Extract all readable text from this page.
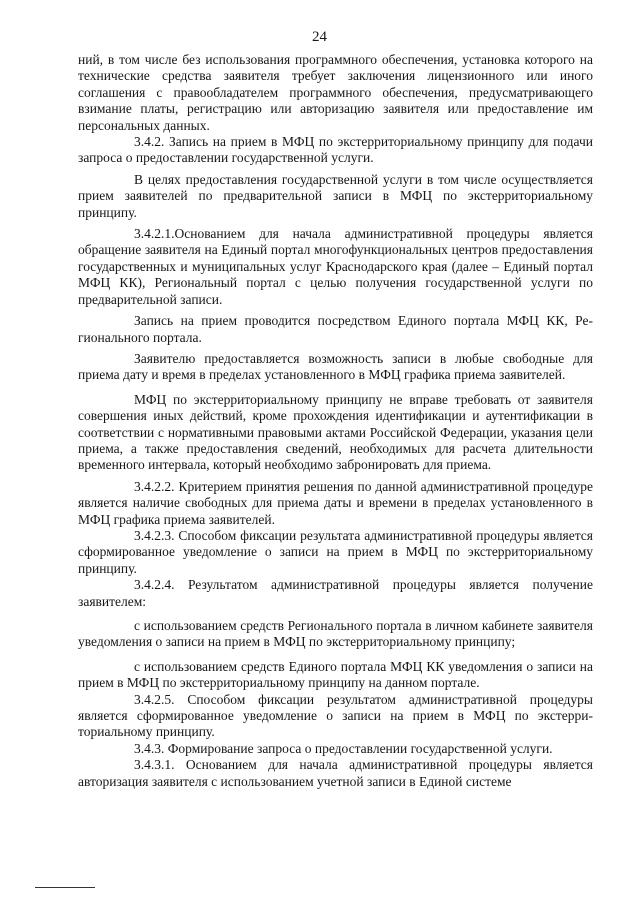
24

ний, в том числе без использования программного обеспечения, установка которого на технические средства заявителя требует заключения лицензионного или иного соглашения с правообладателем программного обеспечения, предусматривающего взимание платы, регистрацию или авторизацию заявителя или предоставление им персональных данных.

3.4.2. Запись на прием в МФЦ по экстерриториальному принципу для подачи запроса о предоставлении государственной услуги.

В целях предоставления государственной услуги в том числе осуществляется прием заявителей по предварительной записи в МФЦ по экстерриториальному принципу.

3.4.2.1.Основанием для начала административной процедуры является обращение заявителя на Единый портал многофункциональных центров предоставления государственных и муниципальных услуг Краснодарского края (далее – Единый портал МФЦ КК), Региональный портал с целью получения государственной услуги по предварительной записи.

Запись на прием проводится посредством Единого портала МФЦ КК, Регионального портала.

Заявителю предоставляется возможность записи в любые свободные для приема дату и время в пределах установленного в МФЦ графика приема заявителей.

МФЦ по экстерриториальному принципу не вправе требовать от заявителя совершения иных действий, кроме прохождения идентификации и аутентификации в соответствии с нормативными правовыми актами Российской Федерации, указания цели приема, а также предоставления сведений, необходимых для расчета длительности временного интервала, который необходимо забронировать для приема.

3.4.2.2. Критерием принятия решения по данной административной процедуре является наличие свободных для приема даты и времени в пределах установленного в МФЦ графика приема заявителей.

3.4.2.3. Способом фиксации результата административной процедуры является сформированное уведомление о записи на прием в МФЦ по экстерриториальному принципу.

3.4.2.4. Результатом административной процедуры является получение заявителем:

с использованием средств Регионального портала в личном кабинете заявителя уведомления о записи на прием в МФЦ по экстерриториальному принципу;

с использованием средств Единого портала МФЦ КК уведомления о записи на прием в МФЦ по экстерриториальному принципу на данном портале.

3.4.2.5. Способом фиксации результатом административной процедуры является сформированное уведомление о записи на прием в МФЦ по экстерриториальному принципу.

3.4.3. Формирование запроса о предоставлении государственной услуги.

3.4.3.1. Основанием для начала административной процедуры является авторизация заявителя с использованием учетной записи в Единой системе
